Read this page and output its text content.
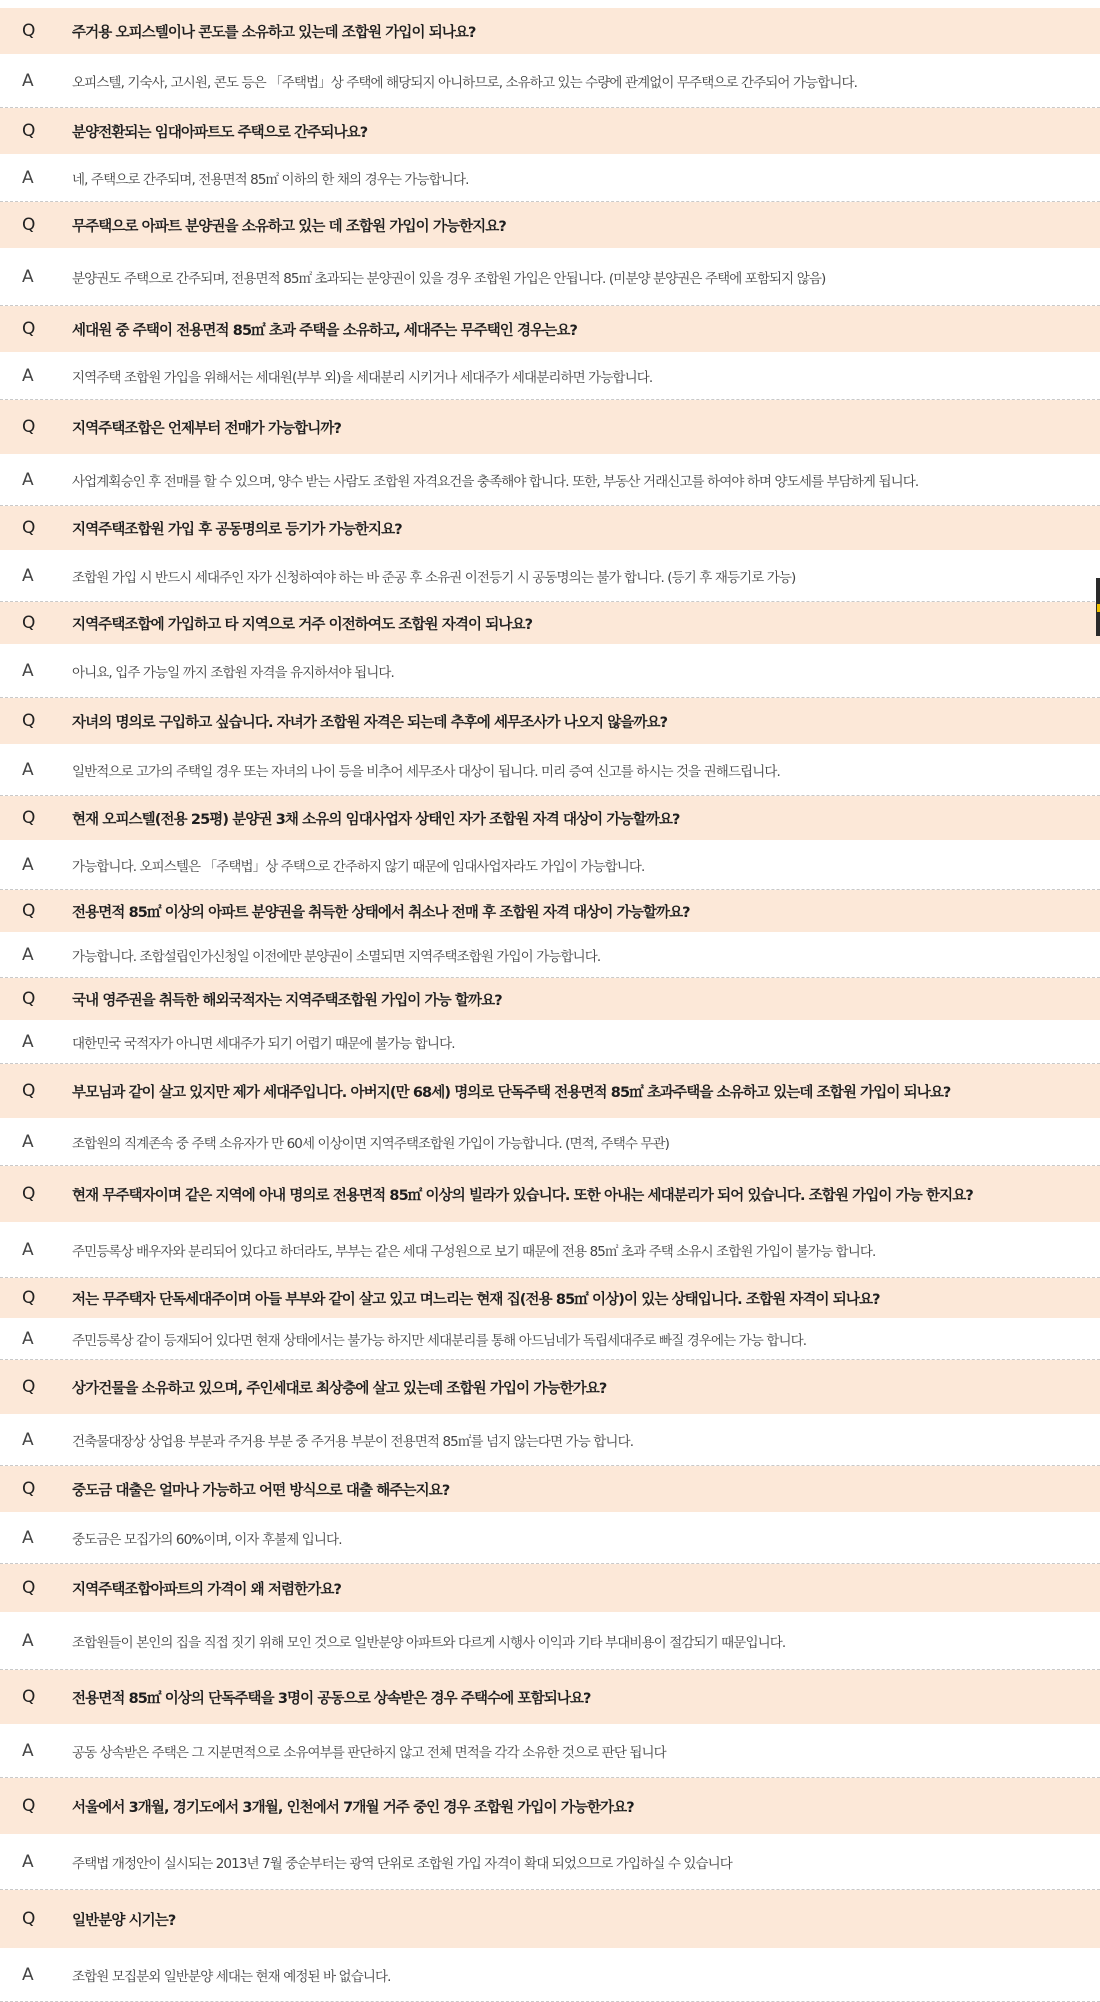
Q	주거용 오피스텔이나 콘도를 소유하고 있는데 조합원 가입이 되나요?
A	오피스텔, 기숙사, 고시원, 콘도 등은 「주택법」상 주택에 해당되지 아니하므로, 소유하고 있는 수량에 관계없이 무주택으로 간주되어 가능합니다.
Q	분양전환되는 임대아파트도 주택으로 간주되나요?
A	네, 주택으로 간주되며, 전용면적 85㎡ 이하의 한 채의 경우는 가능합니다.
Q	무주택으로 아파트 분양권을 소유하고 있는 데 조합원 가입이 가능한지요?
A	분양권도 주택으로 간주되며, 전용면적 85㎡ 초과되는 분양권이 있을 경우 조합원 가입은 안됩니다. (미분양 분양권은 주택에 포함되지 않음)
Q	세대원 중 주택이 전용면적 85㎡ 초과 주택을 소유하고, 세대주는 무주택인 경우는요?
A	지역주택 조합원 가입을 위해서는 세대원(부부 외)을 세대분리 시키거나 세대주가 세대분리하면 가능합니다.
Q	지역주택조합은 언제부터 전매가 가능합니까?
A	사업계획승인 후 전매를 할 수 있으며, 양수 받는 사람도 조합원 자격요건을 충족해야 합니다. 또한, 부동산 거래신고를 하여야 하며 양도세를 부담하게 됩니다.
Q	지역주택조합원 가입 후 공동명의로 등기가 가능한지요?
A	조합원 가입 시 반드시 세대주인 자가 신청하여야 하는 바 준공 후 소유권 이전등기 시 공동명의는 불가 합니다. (등기 후 재등기로 가능)
Q	지역주택조합에 가입하고 타 지역으로 거주 이전하여도 조합원 자격이 되나요?
A	아니요, 입주 가능일 까지 조합원 자격을 유지하셔야 됩니다.
Q	자녀의 명의로 구입하고 싶습니다. 자녀가 조합원 자격은 되는데 추후에 세무조사가 나오지 않을까요?
A	일반적으로 고가의 주택일 경우 또는 자녀의 나이 등을 비추어 세무조사 대상이 됩니다. 미리 증여 신고를 하시는 것을 권해드립니다.
Q	현재 오피스텔(전용 25평) 분양권 3채 소유의 임대사업자 상태인 자가 조합원 자격 대상이 가능할까요?
A	가능합니다. 오피스텔은 「주택법」상 주택으로 간주하지 않기 때문에 임대사업자라도 가입이 가능합니다.
Q	전용면적 85㎡ 이상의 아파트 분양권을 취득한 상태에서 취소나 전매 후 조합원 자격 대상이 가능할까요?
A	가능합니다. 조합설립인가신청일 이전에만 분양권이 소멸되면 지역주택조합원 가입이 가능합니다.
Q	국내 영주권을 취득한 해외국적자는 지역주택조합원 가입이 가능 할까요?
A	대한민국 국적자가 아니면 세대주가 되기 어렵기 때문에 불가능 합니다.
Q	부모님과 같이 살고 있지만 제가 세대주입니다. 아버지(만 68세) 명의로 단독주택 전용면적 85㎡ 초과주택을 소유하고 있는데 조합원 가입이 되나요?
A	조합원의 직계존속 중 주택 소유자가 만 60세 이상이면 지역주택조합원 가입이 가능합니다. (면적, 주택수 무관)
Q	현재 무주택자이며 같은 지역에 아내 명의로 전용면적 85㎡ 이상의 빌라가 있습니다. 또한 아내는 세대분리가 되어 있습니다. 조합원 가입이 가능 한지요?
A	주민등록상 배우자와 분리되어 있다고 하더라도, 부부는 같은 세대 구성원으로 보기 때문에 전용 85㎡ 초과 주택 소유시 조합원 가입이 불가능 합니다.
Q	저는 무주택자 단독세대주이며 아들 부부와 같이 살고 있고 며느리는 현재 집(전용 85㎡ 이상)이 있는 상태입니다. 조합원 자격이 되나요?
A	주민등록상 같이 등재되어 있다면 현재 상태에서는 불가능 하지만 세대분리를 통해 아드님네가 독립세대주로 빠질 경우에는 가능 합니다.
Q	상가건물을 소유하고 있으며, 주인세대로 최상층에 살고 있는데 조합원 가입이 가능한가요?
A	건축물대장상 상업용 부분과 주거용 부분 중 주거용 부분이 전용면적 85㎡를 넘지 않는다면 가능 합니다.
Q	중도금 대출은 얼마나 가능하고 어떤 방식으로 대출 해주는지요?
A	중도금은 모집가의 60%이며, 이자 후불제 입니다.
Q	지역주택조합아파트의 가격이 왜 저렴한가요?
A	조합원들이 본인의 집을 직접 짓기 위해 모인 것으로 일반분양 아파트와 다르게 시행사 이익과 기타 부대비용이 절감되기 때문입니다.
Q	전용면적 85㎡ 이상의 단독주택을 3명이 공동으로 상속받은 경우 주택수에 포함되나요?
A	공동 상속받은 주택은 그 지분면적으로 소유여부를 판단하지 않고 전체 면적을 각각 소유한 것으로 판단 됩니다
Q	서울에서 3개월, 경기도에서 3개월, 인천에서 7개월 거주 중인 경우 조합원 가입이 가능한가요?
A	주택법 개정안이 실시되는 2013년 7월 중순부터는 광역 단위로 조합원 가입 자격이 확대 되었으므로 가입하실 수 있습니다
Q	일반분양 시기는?
A	조합원 모집분외 일반분양 세대는 현재 예정된 바 없습니다.
